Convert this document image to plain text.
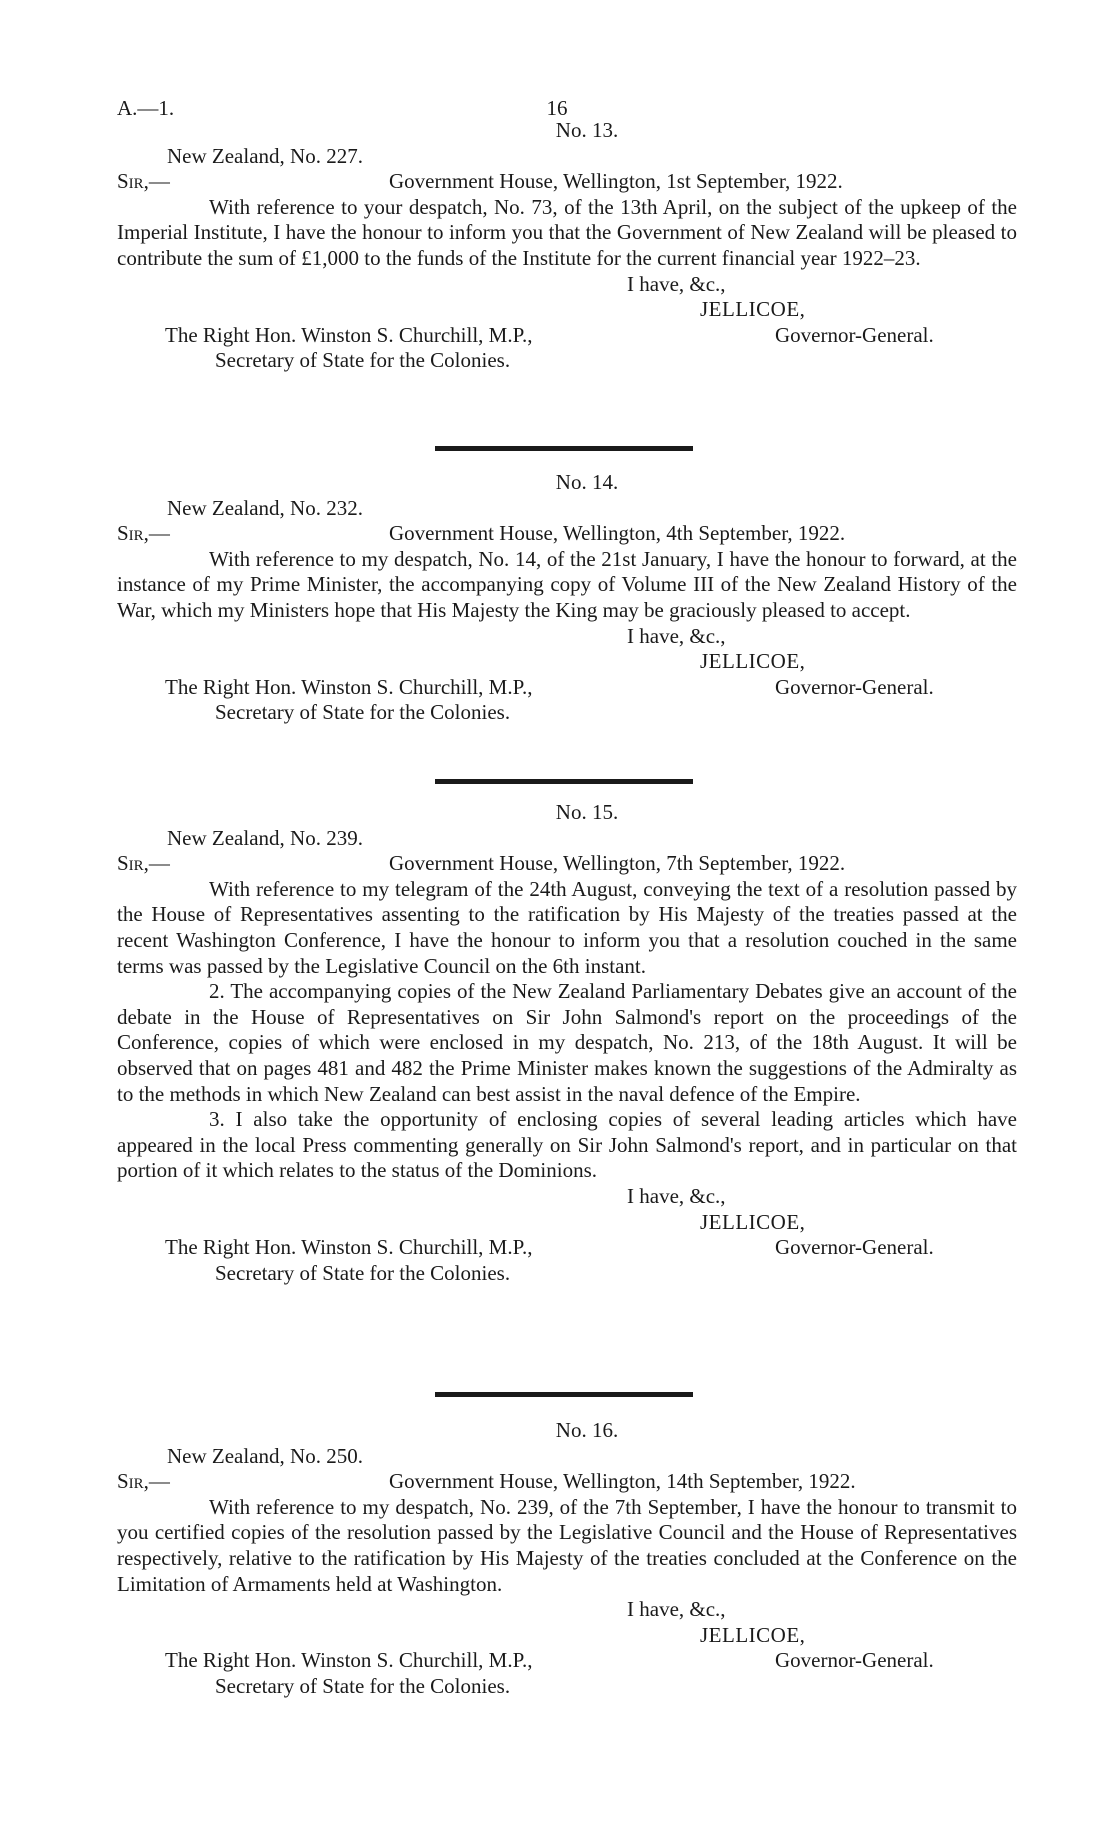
A.—1.	16
No. 13.
New Zealand, No. 227.
Sir,—	Government House, Wellington, 1st September, 1922.

With reference to your despatch, No. 73, of the 13th April, on the subject of the upkeep of the Imperial Institute, I have the honour to inform you that the Government of New Zealand will be pleased to contribute the sum of £1,000 to the funds of the Institute for the current financial year 1922–23.

I have, &c.,
JELLICOE,
The Right Hon. Winston S. Churchill, M.P.,	Governor-General.
Secretary of State for the Colonies.
No. 14.
New Zealand, No. 232.
Sir,—	Government House, Wellington, 4th September, 1922.

With reference to my despatch, No. 14, of the 21st January, I have the honour to forward, at the instance of my Prime Minister, the accompanying copy of Volume III of the New Zealand History of the War, which my Ministers hope that His Majesty the King may be graciously pleased to accept.

I have, &c.,
JELLICOE,
The Right Hon. Winston S. Churchill, M.P.,	Governor-General.
Secretary of State for the Colonies.
No. 15.
New Zealand, No. 239.
Sir,—	Government House, Wellington, 7th September, 1922.

With reference to my telegram of the 24th August, conveying the text of a resolution passed by the House of Representatives assenting to the ratification by His Majesty of the treaties passed at the recent Washington Conference, I have the honour to inform you that a resolution couched in the same terms was passed by the Legislative Council on the 6th instant.

2. The accompanying copies of the New Zealand Parliamentary Debates give an account of the debate in the House of Representatives on Sir John Salmond's report on the proceedings of the Conference, copies of which were enclosed in my despatch, No. 213, of the 18th August. It will be observed that on pages 481 and 482 the Prime Minister makes known the suggestions of the Admiralty as to the methods in which New Zealand can best assist in the naval defence of the Empire.

3. I also take the opportunity of enclosing copies of several leading articles which have appeared in the local Press commenting generally on Sir John Salmond's report, and in particular on that portion of it which relates to the status of the Dominions.

I have, &c.,
JELLICOE,
The Right Hon. Winston S. Churchill, M.P.,	Governor-General.
Secretary of State for the Colonies.
No. 16.
New Zealand, No. 250.
Sir,—	Government House, Wellington, 14th September, 1922.

With reference to my despatch, No. 239, of the 7th September, I have the honour to transmit to you certified copies of the resolution passed by the Legislative Council and the House of Representatives respectively, relative to the ratification by His Majesty of the treaties concluded at the Conference on the Limitation of Armaments held at Washington.

I have, &c.,
JELLICOE,
The Right Hon. Winston S. Churchill, M.P.,	Governor-General.
Secretary of State for the Colonies.
